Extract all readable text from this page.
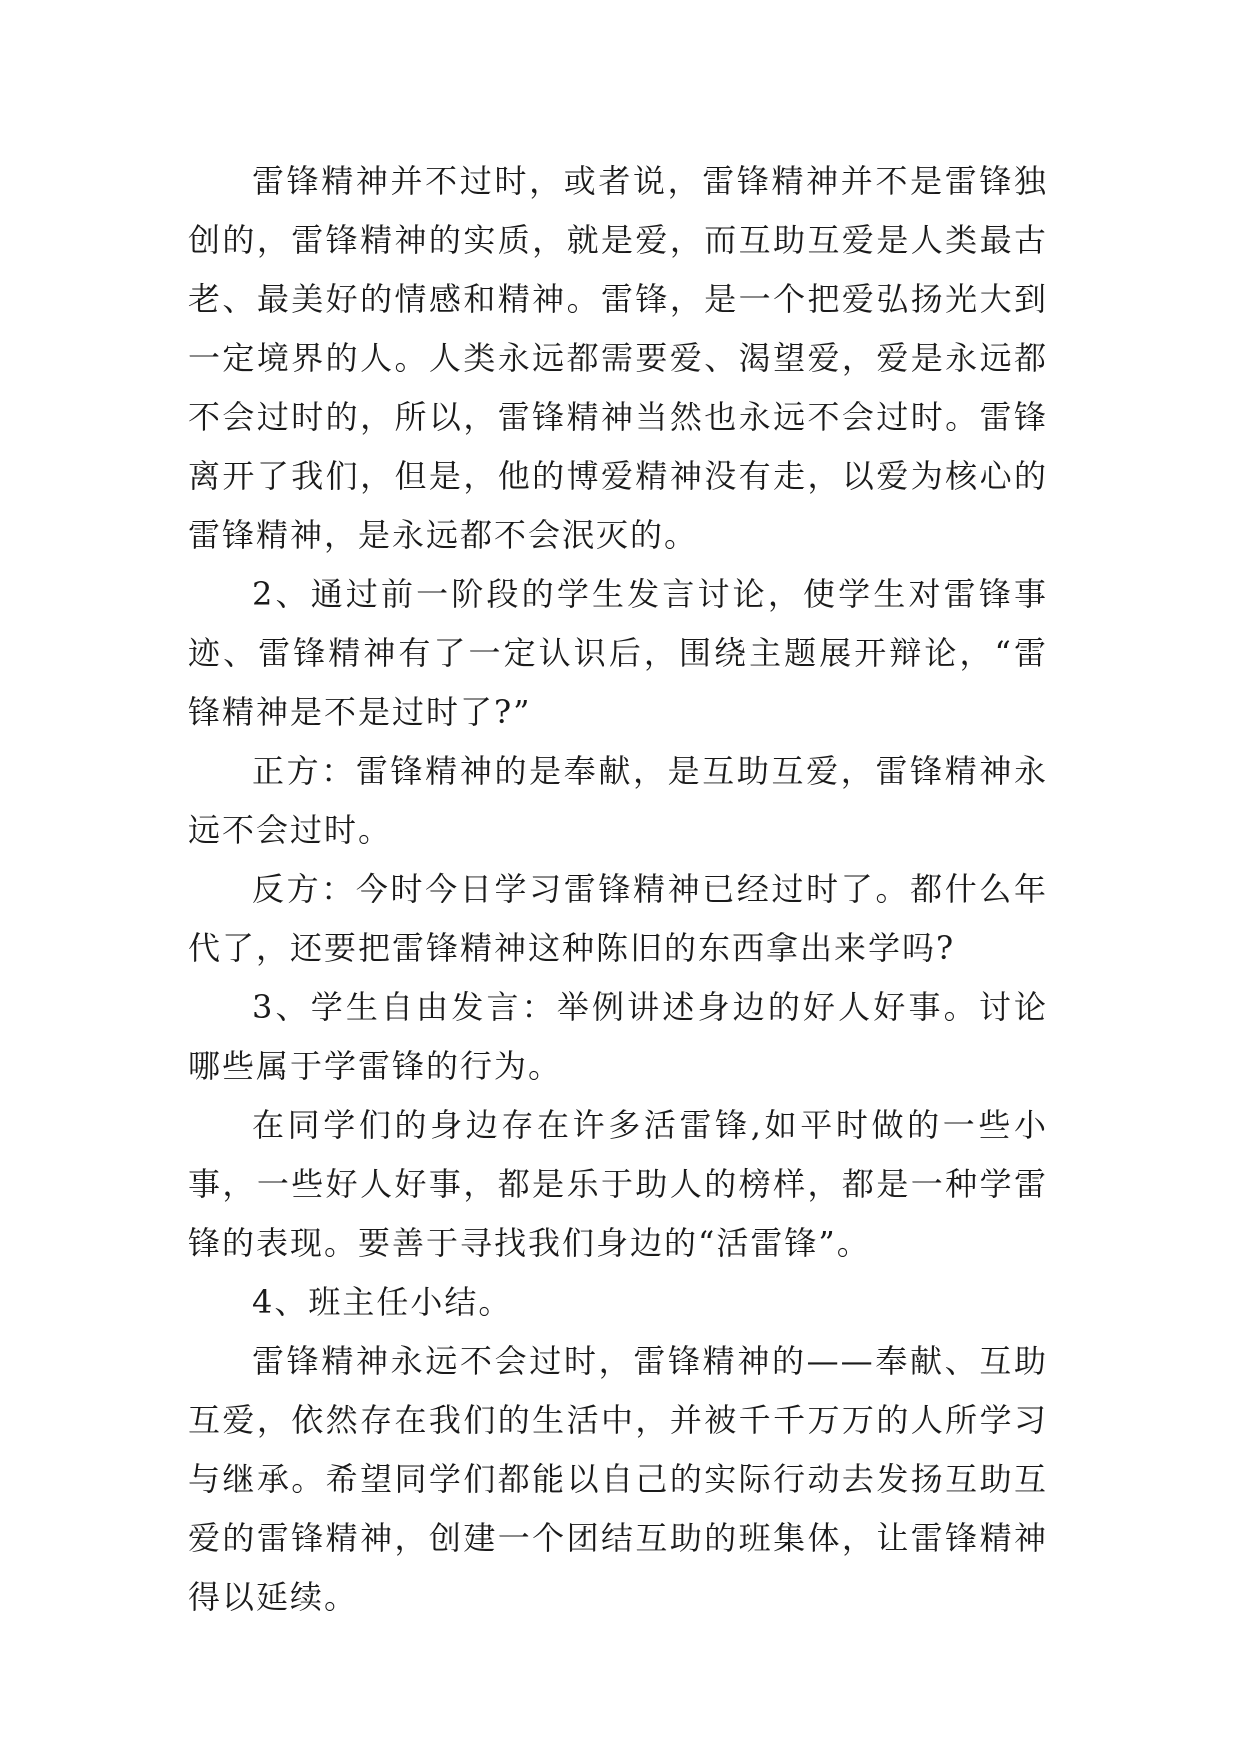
雷锋精神并不过时，或者说，雷锋精神并不是雷锋独创的，雷锋精神的实质，就是爱，而互助互爱是人类最古老、最美好的情感和精神。雷锋，是一个把爱弘扬光大到一定境界的人。人类永远都需要爱、渴望爱，爱是永远都不会过时的，所以，雷锋精神当然也永远不会过时。雷锋离开了我们，但是，他的博爱精神没有走，以爱为核心的雷锋精神，是永远都不会泯灭的。

2、通过前一阶段的学生发言讨论，使学生对雷锋事迹、雷锋精神有了一定认识后，围绕主题展开辩论，“雷锋精神是不是过时了?”

正方：雷锋精神的是奉献，是互助互爱，雷锋精神永远不会过时。

反方：今时今日学习雷锋精神已经过时了。都什么年代了，还要把雷锋精神这种陈旧的东西拿出来学吗?

3、学生自由发言：举例讲述身边的好人好事。讨论哪些属于学雷锋的行为。

在同学们的身边存在许多活雷锋,如平时做的一些小事，一些好人好事，都是乐于助人的榜样，都是一种学雷锋的表现。要善于寻找我们身边的“活雷锋”。

4、班主任小结。

雷锋精神永远不会过时，雷锋精神的——奉献、互助互爱，依然存在我们的生活中，并被千千万万的人所学习与继承。希望同学们都能以自己的实际行动去发扬互助互爱的雷锋精神，创建一个团结互助的班集体，让雷锋精神得以延续。
